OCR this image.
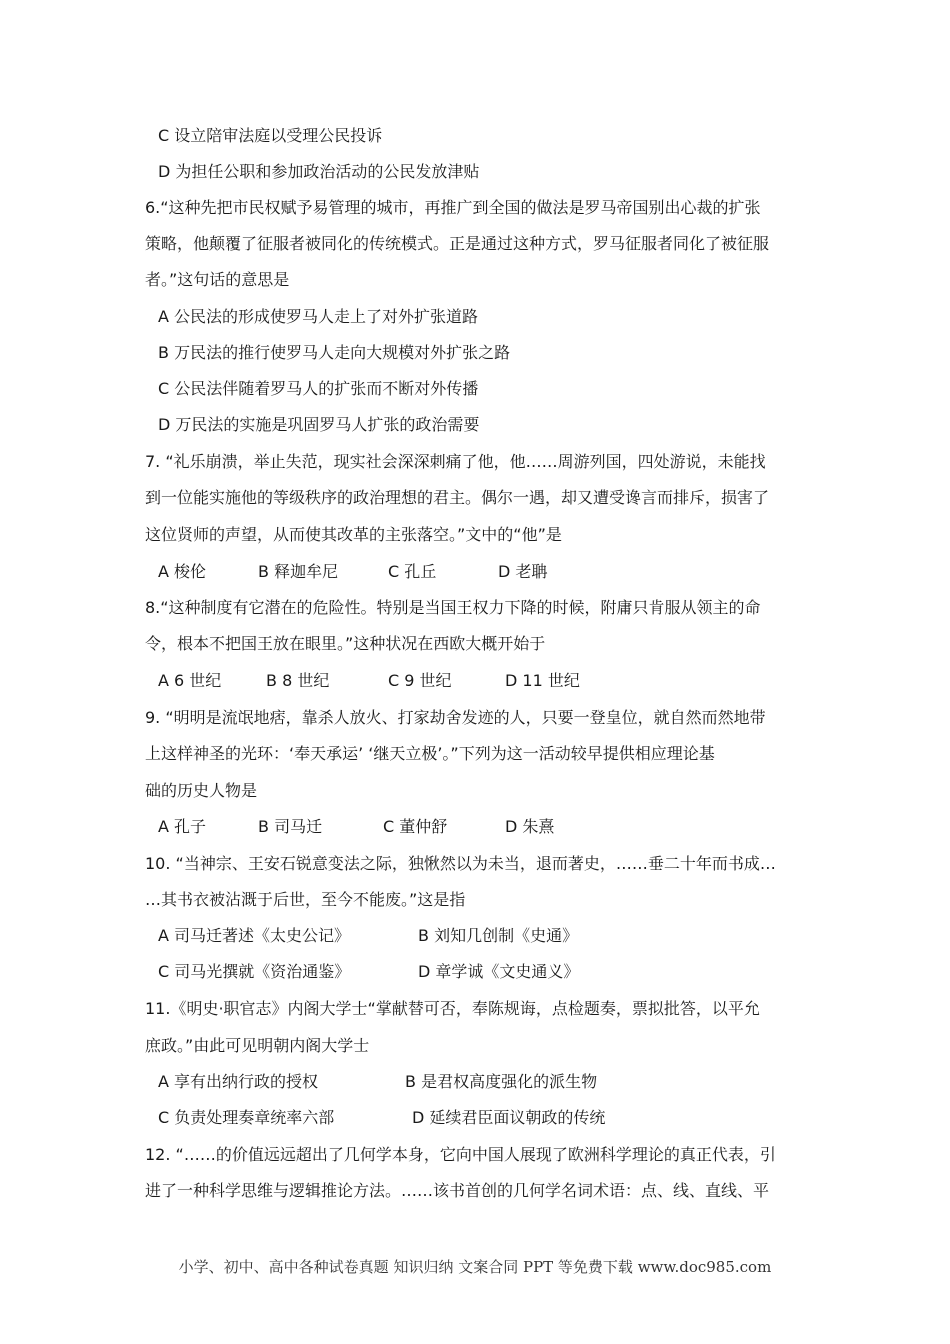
C 设立陪审法庭以受理公民投诉
D 为担任公职和参加政治活动的公民发放津贴
6.“这种先把市民权赋予易管理的城市，再推广到全国的做法是罗马帝国别出心裁的扩张
策略，他颠覆了征服者被同化的传统模式。正是通过这种方式，罗马征服者同化了被征服
者。”这句话的意思是
A 公民法的形成使罗马人走上了对外扩张道路
B 万民法的推行使罗马人走向大规模对外扩张之路
C 公民法伴随着罗马人的扩张而不断对外传播
D 万民法的实施是巩固罗马人扩张的政治需要
7. “礼乐崩溃，举止失范，现实社会深深刺痛了他，他……周游列国，四处游说，未能找
到一位能实施他的等级秩序的政治理想的君主。偶尔一遇，却又遭受谗言而排斥，损害了
这位贤师的声望，从而使其改革的主张落空。”文中的“他”是
A 梭伦	B 释迦牟尼	C 孔丘	D 老聃
8.“这种制度有它潜在的危险性。特别是当国王权力下降的时候，附庸只肯服从领主的命
令，根本不把国王放在眼里。”这种状况在西欧大概开始于
A 6 世纪	B 8 世纪	C 9 世纪	D 11 世纪
9. “明明是流氓地痞，靠杀人放火、打家劫舍发迹的人，只要一登皇位，就自然而然地带
上这样神圣的光环：‘奉天承运’ ‘继天立极’。”下列为这一活动较早提供相应理论基
础的历史人物是
A 孔子	B 司马迁	C 董仲舒	D 朱熹
10. “当神宗、王安石锐意变法之际，独愀然以为未当，退而著史，……垂二十年而书成…
…其书衣被沾溉于后世，至今不能废。”这是指
A 司马迁著述《太史公记》	B 刘知几创制《史通》
C 司马光撰就《资治通鉴》	D 章学诚《文史通义》
11.《明史·职官志》内阁大学士“掌献替可否，奉陈规诲，点检题奏，票拟批答，以平允
庶政。”由此可见明朝内阁大学士
A 享有出纳行政的授权	B 是君权高度强化的派生物
C 负责处理奏章统率六部	D 延续君臣面议朝政的传统
12. “……的价值远远超出了几何学本身，它向中国人展现了欧洲科学理论的真正代表，引
进了一种科学思维与逻辑推论方法。……该书首创的几何学名词术语：点、线、直线、平
小学、初中、高中各种试卷真题 知识归纳 文案合同 PPT 等免费下载 www.doc985.com
